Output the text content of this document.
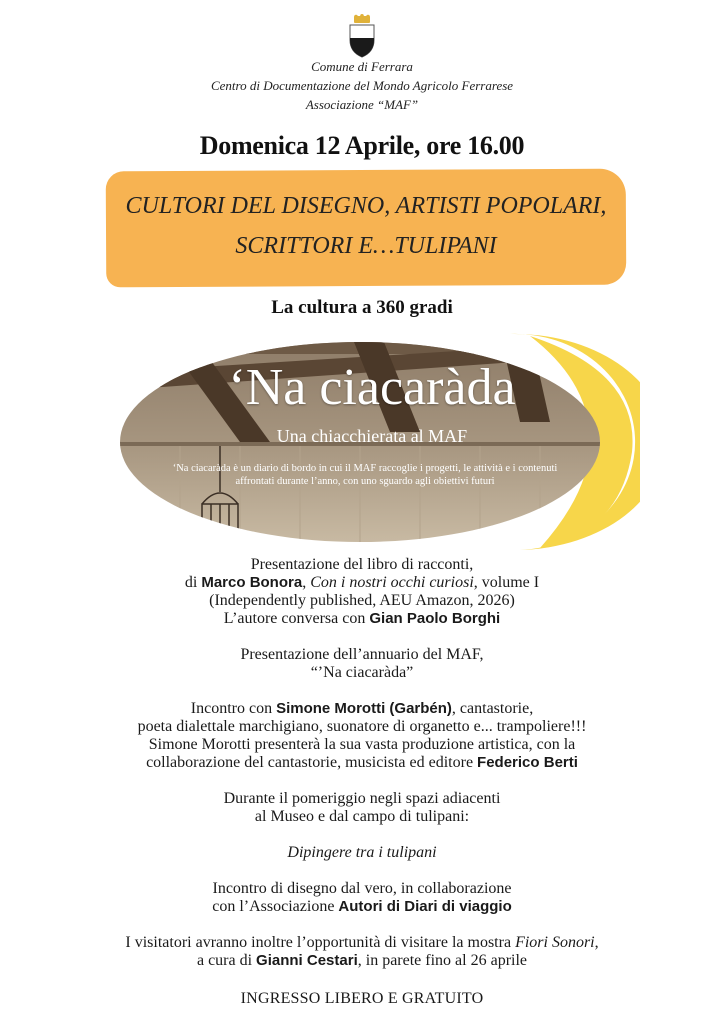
Comune di Ferrara
Centro di Documentazione del Mondo Agricolo Ferrarese
Associazione “MAF”
Domenica 12 Aprile, ore 16.00
CULTORI DEL DISEGNO, ARTISTI POPOLARI,
SCRITTORI E…TULIPANI
La cultura a 360 gradi
‘Na ciacaràda
Una chiacchierata al MAF
‘Na ciacaràda è un diario di bordo in cui il MAF raccoglie i progetti, le attività e i contenuti affrontati durante l’anno, con uno sguardo agli obiettivi futuri

Presentazione del libro di racconti,
di Marco Bonora, Con i nostri occhi curiosi, volume I
(Independently published, AEU Amazon, 2026)
L’autore conversa con Gian Paolo Borghi

Presentazione dell’annuario del MAF,
“’Na ciacaràda”

Incontro con Simone Morotti (Garbén), cantastorie,
poeta dialettale marchigiano, suonatore di organetto e... trampoliere!!!
Simone Morotti presenterà la sua vasta produzione artistica, con la
collaborazione del cantastorie, musicista ed editore Federico Berti

Durante il pomeriggio negli spazi adiacenti
al Museo e dal campo di tulipani:

Dipingere tra i tulipani

Incontro di disegno dal vero, in collaborazione
con l’Associazione Autori di Diari di viaggio

I visitatori avranno inoltre l’opportunità di visitare la mostra Fiori Sonori,
a cura di Gianni Cestari, in parete fino al 26 aprile

INGRESSO LIBERO E GRATUITO
